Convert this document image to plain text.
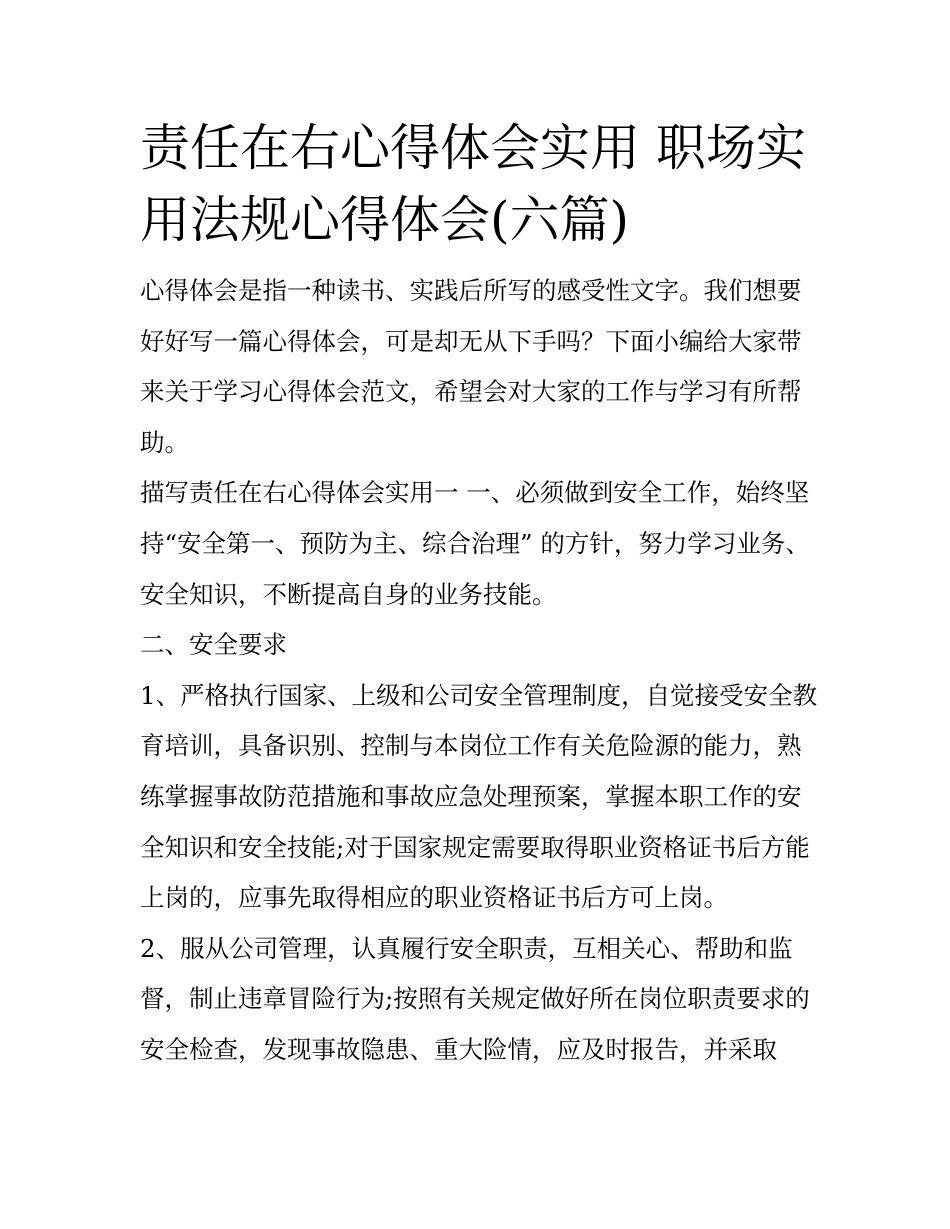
责任在右心得体会实用 职场实用法规心得体会(六篇)

心得体会是指一种读书、实践后所写的感受性文字。我们想要好好写一篇心得体会，可是却无从下手吗？下面小编给大家带来关于学习心得体会范文，希望会对大家的工作与学习有所帮助。

描写责任在右心得体会实用一 一、必须做到安全工作，始终坚持“安全第一、预防为主、综合治理” 的方针，努力学习业务、安全知识，不断提高自身的业务技能。

二、安全要求

1、严格执行国家、上级和公司安全管理制度，自觉接受安全教育培训，具备识别、控制与本岗位工作有关危险源的能力，熟练掌握事故防范措施和事故应急处理预案，掌握本职工作的安全知识和安全技能;对于国家规定需要取得职业资格证书后方能上岗的，应事先取得相应的职业资格证书后方可上岗。

2、服从公司管理，认真履行安全职责，互相关心、帮助和监督，制止违章冒险行为;按照有关规定做好所在岗位职责要求的安全检查，发现事故隐患、重大险情，应及时报告，并采取
